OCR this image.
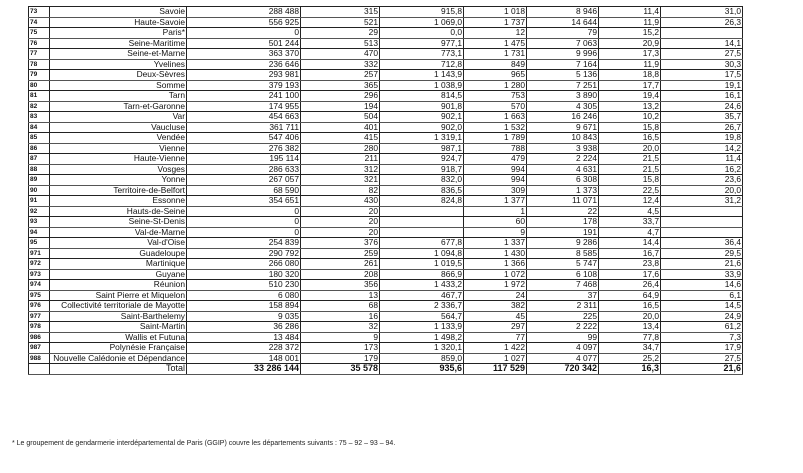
73	Savoie	288 488	315	915,8	1 018	8 946	11,4	31,0
74	Haute-Savoie	556 925	521	1 069,0	1 737	14 644	11,9	26,3
75	Paris*	0	29	0,0	12	79	15,2	
76	Seine-Maritime	501 244	513	977,1	1 475	7 063	20,9	14,1
77	Seine-et-Marne	363 370	470	773,1	1 731	9 996	17,3	27,5
78	Yvelines	236 646	332	712,8	849	7 164	11,9	30,3
79	Deux-Sèvres	293 981	257	1 143,9	965	5 136	18,8	17,5
80	Somme	379 193	365	1 038,9	1 280	7 251	17,7	19,1
81	Tarn	241 100	296	814,5	753	3 890	19,4	16,1
82	Tarn-et-Garonne	174 955	194	901,8	570	4 305	13,2	24,6
83	Var	454 663	504	902,1	1 663	16 246	10,2	35,7
84	Vaucluse	361 711	401	902,0	1 532	9 671	15,8	26,7
85	Vendée	547 406	415	1 319,1	1 789	10 843	16,5	19,8
86	Vienne	276 382	280	987,1	788	3 938	20,0	14,2
87	Haute-Vienne	195 114	211	924,7	479	2 224	21,5	11,4
88	Vosges	286 633	312	918,7	994	4 631	21,5	16,2
89	Yonne	267 057	321	832,0	994	6 308	15,8	23,6
90	Territoire-de-Belfort	68 590	82	836,5	309	1 373	22,5	20,0
91	Essonne	354 651	430	824,8	1 377	11 071	12,4	31,2
92	Hauts-de-Seine	0	20		1	22	4,5	
93	Seine-St-Denis	0	20		60	178	33,7	
94	Val-de-Marne	0	20		9	191	4,7	
95	Val-d'Oise	254 839	376	677,8	1 337	9 286	14,4	36,4
971	Guadeloupe	290 792	259	1 094,8	1 430	8 585	16,7	29,5
972	Martinique	266 080	261	1 019,5	1 366	5 747	23,8	21,6
973	Guyane	180 320	208	866,9	1 072	6 108	17,6	33,9
974	Réunion	510 230	356	1 433,2	1 972	7 468	26,4	14,6
975	Saint Pierre et Miquelon	6 080	13	467,7	24	37	64,9	6,1
976	Collectivité territoriale de Mayotte	158 894	68	2 336,7	382	2 311	16,5	14,5
977	Saint-Barthelemy	9 035	16	564,7	45	225	20,0	24,9
978	Saint-Martin	36 286	32	1 133,9	297	2 222	13,4	61,2
986	Wallis et Futuna	13 484	9	1 498,2	77	99	77,8	7,3
987	Polynésie Française	228 372	173	1 320,1	1 422	4 097	34,7	17,9
988	Nouvelle Calédonie et Dépendance	148 001	179	859,0	1 027	4 077	25,2	27,5
	Total	33 286 144	35 578	935,6	117 529	720 342	16,3	21,6
* Le groupement de gendarmerie interdépartemental de Paris (GGIP) couvre les départements suivants : 75 – 92 – 93 – 94.
